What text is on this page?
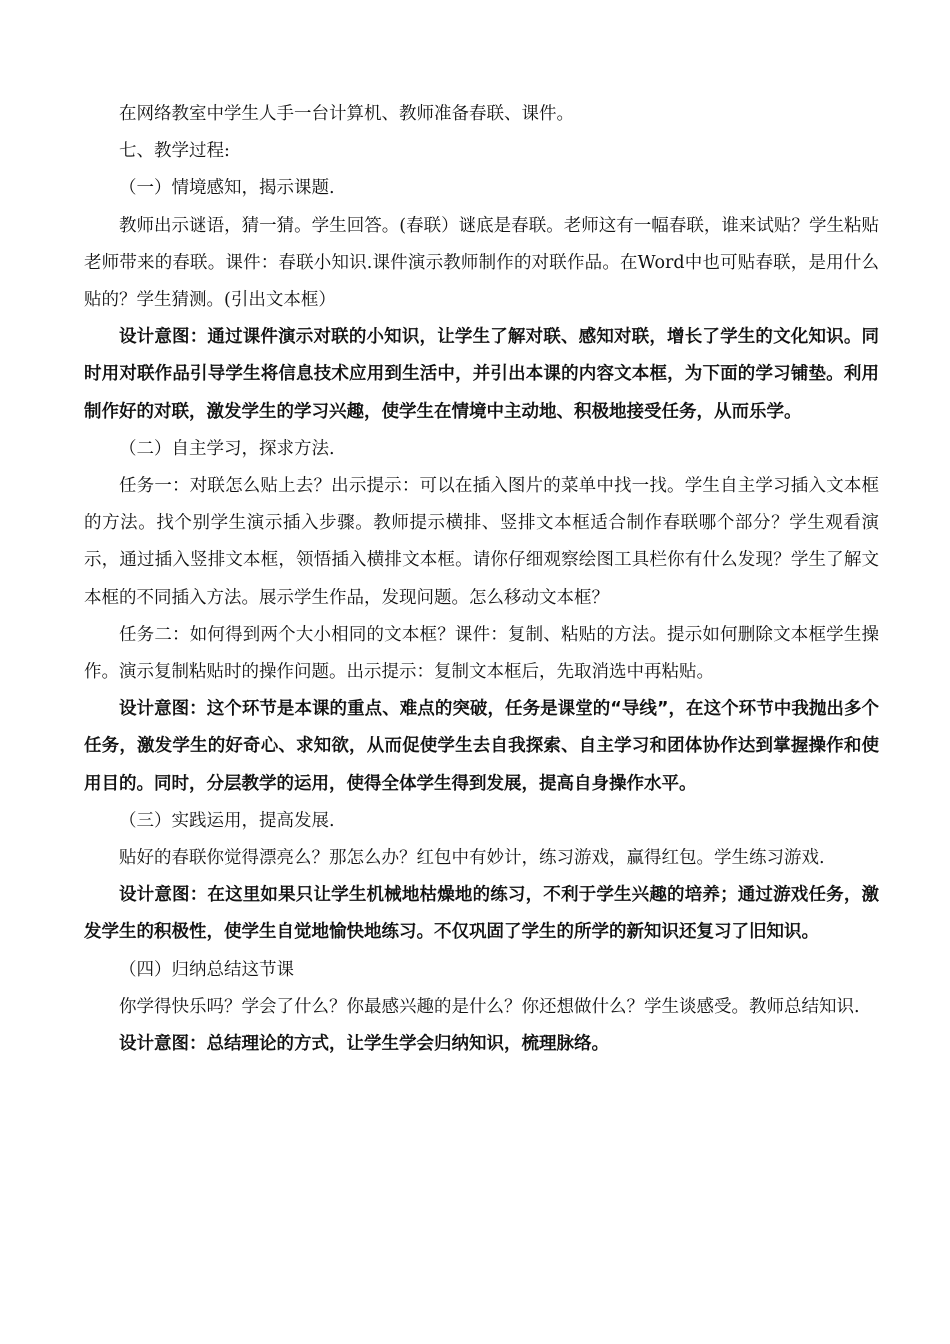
在网络教室中学生人手一台计算机、教师准备春联、课件。

七、教学过程:

（一）情境感知，揭示课题.

教师出示谜语，猜一猜。学生回答。(春联）谜底是春联。老师这有一幅春联，谁来试贴？学生粘贴老师带来的春联。课件：春联小知识.课件演示教师制作的对联作品。在Word中也可贴春联，是用什么贴的？学生猜测。(引出文本框）

设计意图：通过课件演示对联的小知识，让学生了解对联、感知对联，增长了学生的文化知识。同时用对联作品引导学生将信息技术应用到生活中，并引出本课的内容文本框，为下面的学习铺垫。利用制作好的对联，激发学生的学习兴趣，使学生在情境中主动地、积极地接受任务，从而乐学。

（二）自主学习，探求方法.

任务一：对联怎么贴上去？出示提示：可以在插入图片的菜单中找一找。学生自主学习插入文本框的方法。找个别学生演示插入步骤。教师提示横排、竖排文本框适合制作春联哪个部分？学生观看演示，通过插入竖排文本框，领悟插入横排文本框。请你仔细观察绘图工具栏你有什么发现？学生了解文本框的不同插入方法。展示学生作品，发现问题。怎么移动文本框？

任务二：如何得到两个大小相同的文本框？课件：复制、粘贴的方法。提示如何删除文本框学生操作。演示复制粘贴时的操作问题。出示提示：复制文本框后，先取消选中再粘贴。

设计意图：这个环节是本课的重点、难点的突破，任务是课堂的“导线”，在这个环节中我抛出多个任务，激发学生的好奇心、求知欲，从而促使学生去自我探索、自主学习和团体协作达到掌握操作和使用目的。同时，分层教学的运用，使得全体学生得到发展，提高自身操作水平。

（三）实践运用，提高发展.

贴好的春联你觉得漂亮么？那怎么办？红包中有妙计，练习游戏，赢得红包。学生练习游戏.

设计意图：在这里如果只让学生机械地枯燥地的练习，不利于学生兴趣的培养；通过游戏任务，激发学生的积极性，使学生自觉地愉快地练习。不仅巩固了学生的所学的新知识还复习了旧知识。

（四）归纳总结这节课

你学得快乐吗？学会了什么？你最感兴趣的是什么？你还想做什么？学生谈感受。教师总结知识.

设计意图：总结理论的方式，让学生学会归纳知识，梳理脉络。
